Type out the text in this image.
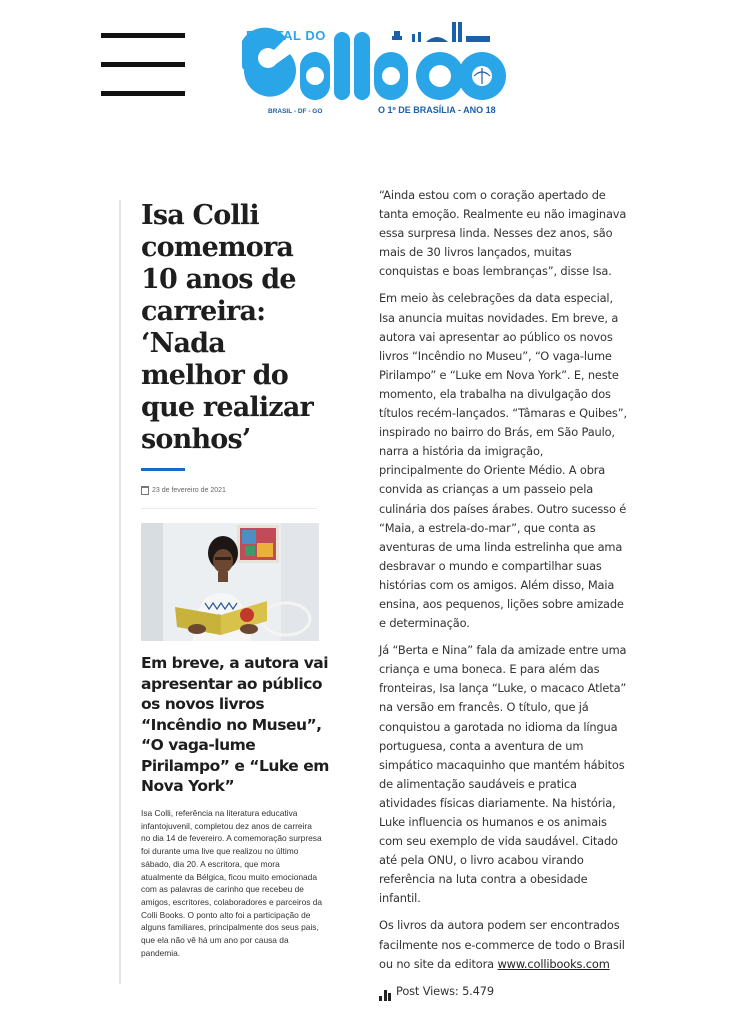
PORTAL DO
BRASIL - DF - GO	O 1º DE BRASÍLIA - ANO 18
Isa Colli comemora 10 anos de carreira: ‘Nada melhor do que realizar sonhos’
23 de fevereiro de 2021
Em breve, a autora vai apresentar ao público os novos livros “Incêndio no Museu”, “O vaga-lume Pirilampo” e “Luke em Nova York”

Isa Colli, referência na literatura educativa infantojuvenil, completou dez anos de carreira no dia 14 de fevereiro. A comemoração surpresa foi durante uma live que realizou no último sábado, dia 20. A escritora, que mora atualmente da Bélgica, ficou muito emocionada com as palavras de carinho que recebeu de amigos, escritores, colaboradores e parceiros da Colli Books. O ponto alto foi a participação de alguns familiares, principalmente dos seus pais, que ela não vê há um ano por causa da pandemia.

“Ainda estou com o coração apertado de tanta emoção. Realmente eu não imaginava essa surpresa linda. Nesses dez anos, são mais de 30 livros lançados, muitas conquistas e boas lembranças”, disse Isa.

Em meio às celebrações da data especial, Isa anuncia muitas novidades. Em breve, a autora vai apresentar ao público os novos livros “Incêndio no Museu”, “O vaga-lume Pirilampo” e “Luke em Nova York”. E, neste momento, ela trabalha na divulgação dos títulos recém-lançados. “Tâmaras e Quibes”, inspirado no bairro do Brás, em São Paulo, narra a história da imigração, principalmente do Oriente Médio. A obra convida as crianças a um passeio pela culinária dos países árabes. Outro sucesso é “Maia, a estrela-do-mar”, que conta as aventuras de uma linda estrelinha que ama desbravar o mundo e compartilhar suas histórias com os amigos. Além disso, Maia ensina, aos pequenos, lições sobre amizade e determinação.

Já “Berta e Nina” fala da amizade entre uma criança e uma boneca. E para além das fronteiras, Isa lança “Luke, o macaco Atleta” na versão em francês. O título, que já conquistou a garotada no idioma da língua portuguesa, conta a aventura de um simpático macaquinho que mantém hábitos de alimentação saudáveis e pratica atividades físicas diariamente. Na história, Luke influencia os humanos e os animais com seu exemplo de vida saudável. Citado até pela ONU, o livro acabou virando referência na luta contra a obesidade infantil.

Os livros da autora podem ser encontrados facilmente nos e-commerce de todo o Brasil ou no site da editora www.collibooks.com

Post Views: 5.479
